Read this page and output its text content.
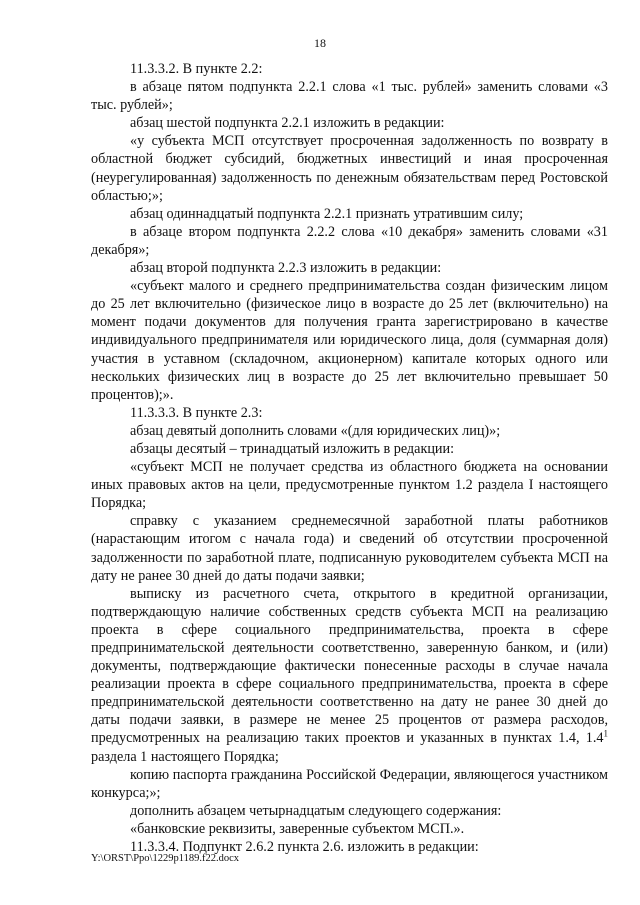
18

11.3.3.2. В пункте 2.2:

в абзаце пятом подпункта 2.2.1 слова «1 тыс. рублей» заменить словами «3 тыс. рублей»;

абзац шестой подпункта 2.2.1 изложить в редакции:

«у субъекта МСП отсутствует просроченная задолженность по возврату в областной бюджет субсидий, бюджетных инвестиций и иная просроченная (неурегулированная) задолженность по денежным обязательствам перед Ростовской областью;»;

абзац одиннадцатый подпункта 2.2.1 признать утратившим силу;

в абзаце втором подпункта 2.2.2 слова «10 декабря» заменить словами «31 декабря»;

абзац второй подпункта 2.2.3 изложить в редакции:

«субъект малого и среднего предпринимательства создан физическим лицом до 25 лет включительно (физическое лицо в возрасте до 25 лет (включительно) на момент подачи документов для получения гранта зарегистрировано в качестве индивидуального предпринимателя или юридического лица, доля (суммарная доля) участия в уставном (складочном, акционерном) капитале которых одного или нескольких физических лиц в возрасте до 25 лет включительно превышает 50 процентов);».

11.3.3.3. В пункте 2.3:

абзац девятый дополнить словами «(для юридических лиц)»;

абзацы десятый – тринадцатый изложить в редакции:

«субъект МСП не получает средства из областного бюджета на основании иных правовых актов на цели, предусмотренные пунктом 1.2 раздела I настоящего Порядка;

справку с указанием среднемесячной заработной платы работников (нарастающим итогом с начала года) и сведений об отсутствии просроченной задолженности по заработной плате, подписанную руководителем субъекта МСП на дату не ранее 30 дней до даты подачи заявки;

выписку из расчетного счета, открытого в кредитной организации, подтверждающую наличие собственных средств субъекта МСП на реализацию проекта в сфере социального предпринимательства, проекта в сфере предпринимательской деятельности соответственно, заверенную банком, и (или) документы, подтверждающие фактически понесенные расходы в случае начала реализации проекта в сфере социального предпринимательства, проекта в сфере предпринимательской деятельности соответственно на дату не ранее 30 дней до даты подачи заявки, в размере не менее 25 процентов от размера расходов, предусмотренных на реализацию таких проектов и указанных в пунктах 1.4, $1.4^1$ раздела 1 настоящего Порядка;

копию паспорта гражданина Российской Федерации, являющегося участником конкурса;»;

дополнить абзацем четырнадцатым следующего содержания:

«банковские реквизиты, заверенные субъектом МСП.».

11.3.3.4. Подпункт 2.6.2 пункта 2.6. изложить в редакции:

Y:\ORST\Ppo\1229p1189.f22.docx
